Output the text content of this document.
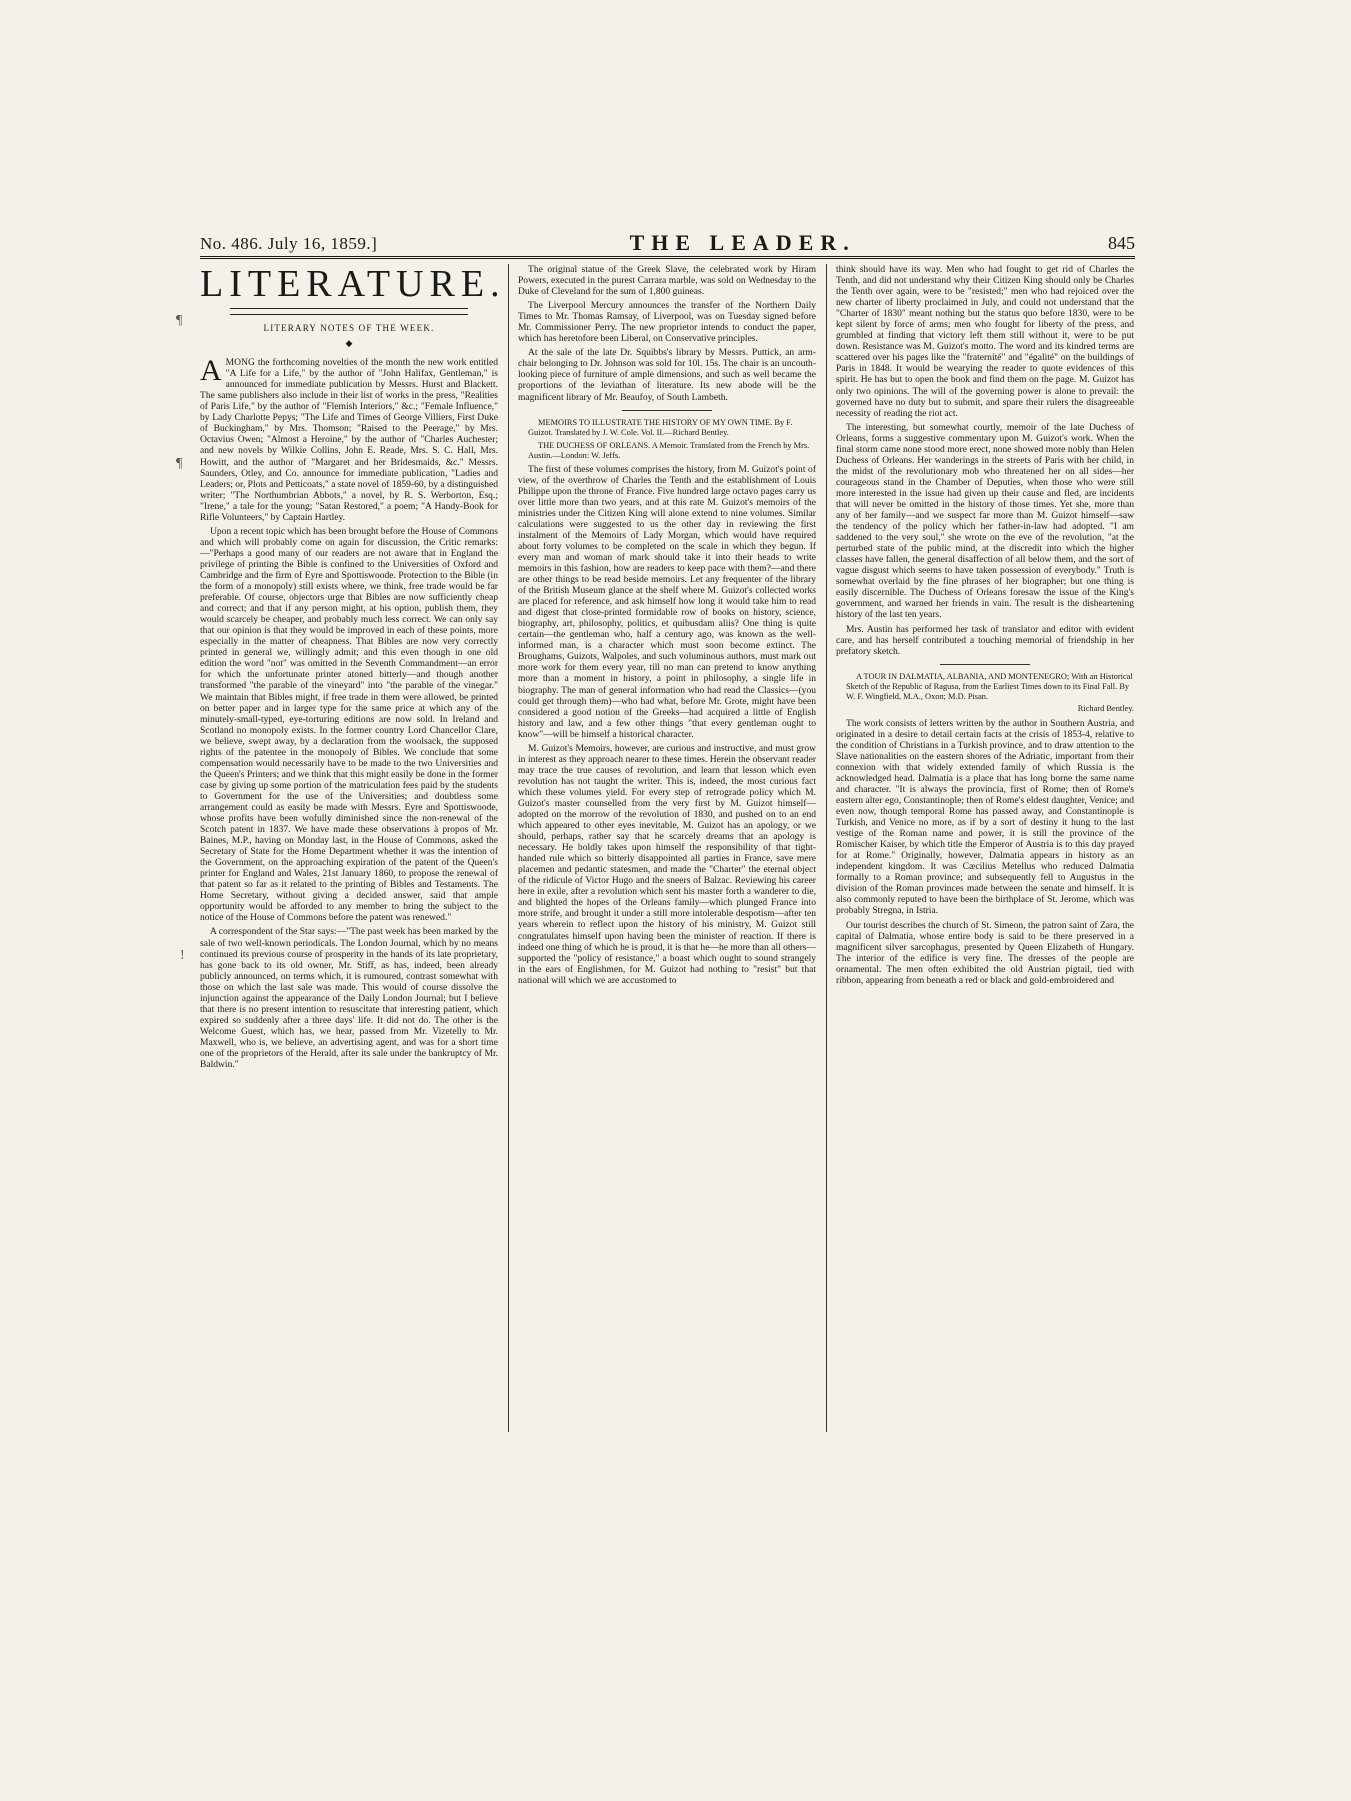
No. 486. July 16, 1859.]	THE LEADER.	845
¶
¶
!
LITERATURE.
LITERARY NOTES OF THE WEEK.
◆

AMONG the forthcoming novelties of the month the new work entitled "A Life for a Life," by the author of "John Halifax, Gentleman," is announced for immediate publication by Messrs. Hurst and Blackett. The same publishers also include in their list of works in the press, "Realities of Paris Life," by the author of "Flemish Interiors," &c.; "Female Influence," by Lady Charlotte Pepys; "The Life and Times of George Villiers, First Duke of Buckingham," by Mrs. Thomson; "Raised to the Peerage," by Mrs. Octavius Owen; "Almost a Heroine," by the author of "Charles Auchester; and new novels by Wilkie Collins, John E. Reade, Mrs. S. C. Hall, Mrs. Howitt, and the author of "Margaret and her Bridesmaids, &c." Messrs. Saunders, Otley, and Co. announce for immediate publication, "Ladies and Leaders; or, Plots and Petticoats," a state novel of 1859-60, by a distinguished writer; "The Northumbrian Abbots," a novel, by R. S. Werborton, Esq.; "Irene," a tale for the young; "Satan Restored," a poem; "A Handy-Book for Rifle Volunteers," by Captain Hartley.

Upon a recent topic which has been brought before the House of Commons and which will probably come on again for discussion, the Critic remarks:—"Perhaps a good many of our readers are not aware that in England the privilege of printing the Bible is confined to the Universities of Oxford and Cambridge and the firm of Eyre and Spottiswoode. Protection to the Bible (in the form of a monopoly) still exists where, we think, free trade would be far preferable. Of course, objectors urge that Bibles are now sufficiently cheap and correct; and that if any person might, at his option, publish them, they would scarcely be cheaper, and probably much less correct. We can only say that our opinion is that they would be improved in each of these points, more especially in the matter of cheapness. That Bibles are now very correctly printed in general we, willingly admit; and this even though in one old edition the word "not" was omitted in the Seventh Commandment—an error for which the unfortunate printer atoned bitterly—and though another transformed "the parable of the vineyard" into "the parable of the vinegar." We maintain that Bibles might, if free trade in them were allowed, be printed on better paper and in larger type for the same price at which any of the minutely-small-typed, eye-torturing editions are now sold. In Ireland and Scotland no monopoly exists. In the former country Lord Chancellor Clare, we believe, swept away, by a declaration from the woolsack, the supposed rights of the patentee in the monopoly of Bibles. We conclude that some compensation would necessarily have to be made to the two Universities and the Queen's Printers; and we think that this might easily be done in the former case by giving up some portion of the matriculation fees paid by the students to Government for the use of the Universities; and doubtless some arrangement could as easily be made with Messrs. Eyre and Spottiswoode, whose profits have been wofully diminished since the non-renewal of the Scotch patent in 1837. We have made these observations à propos of Mr. Baines, M.P., having on Monday last, in the House of Commons, asked the Secretary of State for the Home Department whether it was the intention of the Government, on the approaching expiration of the patent of the Queen's printer for England and Wales, 21st January 1860, to propose the renewal of that patent so far as it related to the printing of Bibles and Testaments. The Home Secretary, without giving a decided answer, said that ample opportunity would be afforded to any member to bring the subject to the notice of the House of Commons before the patent was renewed."

A correspondent of the Star says:—"The past week has been marked by the sale of two well-known periodicals. The London Journal, which by no means continued its previous course of prosperity in the hands of its late proprietary, has gone back to its old owner, Mr. Stiff, as has, indeed, been already publicly announced, on terms which, it is rumoured, contrast somewhat with those on which the last sale was made. This would of course dissolve the injunction against the appearance of the Daily London Journal; but I believe that there is no present intention to resuscitate that interesting patient, which expired so suddenly after a three days' life. It did not do. The other is the Welcome Guest, which has, we hear, passed from Mr. Vizetelly to Mr. Maxwell, who is, we believe, an advertising agent, and was for a short time one of the proprietors of the Herald, after its sale under the bankruptcy of Mr. Baldwin."

The original statue of the Greek Slave, the celebrated work by Hiram Powers, executed in the purest Carrara marble, was sold on Wednesday to the Duke of Cleveland for the sum of 1,800 guineas.

The Liverpool Mercury announces the transfer of the Northern Daily Times to Mr. Thomas Ramsay, of Liverpool, was on Tuesday signed before Mr. Commissioner Perry. The new proprietor intends to conduct the paper, which has heretofore been Liberal, on Conservative principles.

At the sale of the late Dr. Squibbs's library by Messrs. Puttick, an arm-chair belonging to Dr. Johnson was sold for 10l. 15s. The chair is an uncouth-looking piece of furniture of ample dimensions, and such as well became the proportions of the leviathan of literature. Its new abode will be the magnificent library of Mr. Beaufoy, of South Lambeth.

MEMOIRS TO ILLUSTRATE THE HISTORY OF MY OWN TIME. By F. Guizot. Translated by J. W. Cole. Vol. II.—Richard Bentley.

THE DUCHESS OF ORLEANS. A Memoir. Translated from the French by Mrs. Austin.—London: W. Jeffs.

The first of these volumes comprises the history, from M. Guizot's point of view, of the overthrow of Charles the Tenth and the establishment of Louis Philippe upon the throne of France. Five hundred large octavo pages carry us over little more than two years, and at this rate M. Guizot's memoirs of the ministries under the Citizen King will alone extend to nine volumes. Similar calculations were suggested to us the other day in reviewing the first instalment of the Memoirs of Lady Morgan, which would have required about forty volumes to be completed on the scale in which they begun. If every man and woman of mark should take it into their heads to write memoirs in this fashion, how are readers to keep pace with them?—and there are other things to be read beside memoirs. Let any frequenter of the library of the British Museum glance at the shelf where M. Guizot's collected works are placed for reference, and ask himself how long it would take him to read and digest that close-printed formidable row of books on history, science, biography, art, philosophy, politics, et quibusdam aliis? One thing is quite certain—the gentleman who, half a century ago, was known as the well-informed man, is a character which must soon become extinct. The Broughams, Guizots, Walpoles, and such voluminous authors, must mark out more work for them every year, till no man can pretend to know anything more than a moment in history, a point in philosophy, a single life in biography. The man of general information who had read the Classics—(you could get through them)—who had what, before Mr. Grote, might have been considered a good notion of the Greeks—had acquired a little of English history and law, and a few other things "that every gentleman ought to know"—will be himself a historical character.

M. Guizot's Memoirs, however, are curious and instructive, and must grow in interest as they approach nearer to these times. Herein the observant reader may trace the true causes of revolution, and learn that lesson which even revolution has not taught the writer. This is, indeed, the most curious fact which these volumes yield. For every step of retrograde policy which M. Guizot's master counselled from the very first by M. Guizot himself—adopted on the morrow of the revolution of 1830, and pushed on to an end which appeared to other eyes inevitable, M. Guizot has an apology, or we should, perhaps, rather say that he scarcely dreams that an apology is necessary. He boldly takes upon himself the responsibility of that tight-handed rule which so bitterly disappointed all parties in France, save mere placemen and pedantic statesmen, and made the "Charter" the eternal object of the ridicule of Victor Hugo and the sneers of Balzac. Reviewing his career here in exile, after a revolution which sent his master forth a wanderer to die, and blighted the hopes of the Orleans family—which plunged France into more strife, and brought it under a still more intolerable despotism—after ten years wherein to reflect upon the history of his ministry, M. Guizot still congratulates himself upon having been the minister of reaction. If there is indeed one thing of which he is proud, it is that he—he more than all others—supported the "policy of resistance," a boast which ought to sound strangely in the ears of Englishmen, for M. Guizot had nothing to "resist" but that national will which we are accustomed to

think should have its way. Men who had fought to get rid of Charles the Tenth, and did not understand why their Citizen King should only be Charles the Tenth over again, were to be "resisted;" men who had rejoiced over the new charter of liberty proclaimed in July, and could not understand that the "Charter of 1830" meant nothing but the status quo before 1830, were to be kept silent by force of arms; men who fought for liberty of the press, and grumbled at finding that victory left them still without it, were to be put down. Resistance was M. Guizot's motto. The word and its kindred terms are scattered over his pages like the "fraternité" and "égalité" on the buildings of Paris in 1848. It would be wearying the reader to quote evidences of this spirit. He has but to open the book and find them on the page. M. Guizot has only two opinions. The will of the governing power is alone to prevail: the governed have no duty but to submit, and spare their rulers the disagreeable necessity of reading the riot act.

The interesting, but somewhat courtly, memoir of the late Duchess of Orleans, forms a suggestive commentary upon M. Guizot's work. When the final storm came none stood more erect, none showed more nobly than Helen Duchess of Orleans. Her wanderings in the streets of Paris with her child, in the midst of the revolutionary mob who threatened her on all sides—her courageous stand in the Chamber of Deputies, when those who were still more interested in the issue had given up their cause and fled, are incidents that will never be omitted in the history of those times. Yet she, more than any of her family—and we suspect far more than M. Guizot himself—saw the tendency of the policy which her father-in-law had adopted. "I am saddened to the very soul," she wrote on the eve of the revolution, "at the perturbed state of the public mind, at the discredit into which the higher classes have fallen, the general disaffection of all below them, and the sort of vague disgust which seems to have taken possession of everybody." Truth is somewhat overlaid by the fine phrases of her biographer; but one thing is easily discernible. The Duchess of Orleans foresaw the issue of the King's government, and warned her friends in vain. The result is the disheartening history of the last ten years.

Mrs. Austin has performed her task of translator and editor with evident care, and has herself contributed a touching memorial of friendship in her prefatory sketch.

A TOUR IN DALMATIA, ALBANIA, AND MONTENEGRO; With an Historical Sketch of the Republic of Ragusa, from the Earliest Times down to its Final Fall. By W. F. Wingfield, M.A., Oxon; M.D. Pisan.

Richard Bentley.

The work consists of letters written by the author in Southern Austria, and originated in a desire to detail certain facts at the crisis of 1853-4, relative to the condition of Christians in a Turkish province, and to draw attention to the Slave nationalities on the eastern shores of the Adriatic, important from their connexion with that widely extended family of which Russia is the acknowledged head. Dalmatia is a place that has long borne the same name and character. "It is always the provincia, first of Rome; then of Rome's eastern alter ego, Constantinople; then of Rome's eldest daughter, Venice; and even now, though temporal Rome has passed away, and Constantinople is Turkish, and Venice no more, as if by a sort of destiny it hung to the last vestige of the Roman name and power, it is still the province of the Romischer Kaiser, by which title the Emperor of Austria is to this day prayed for at Rome." Originally, however, Dalmatia appears in history as an independent kingdom. It was Cæcilius Metellus who reduced Dalmatia formally to a Roman province; and subsequently fell to Augustus in the division of the Roman provinces made between the senate and himself. It is also commonly reputed to have been the birthplace of St. Jerome, which was probably Stregna, in Istria.

Our tourist describes the church of St. Simeon, the patron saint of Zara, the capital of Dalmatia, whose entire body is said to be there preserved in a magnificent silver sarcophagus, presented by Queen Elizabeth of Hungary. The interior of the edifice is very fine. The dresses of the people are ornamental. The men often exhibited the old Austrian pigtail, tied with ribbon, appearing from beneath a red or black and gold-embroidered and
